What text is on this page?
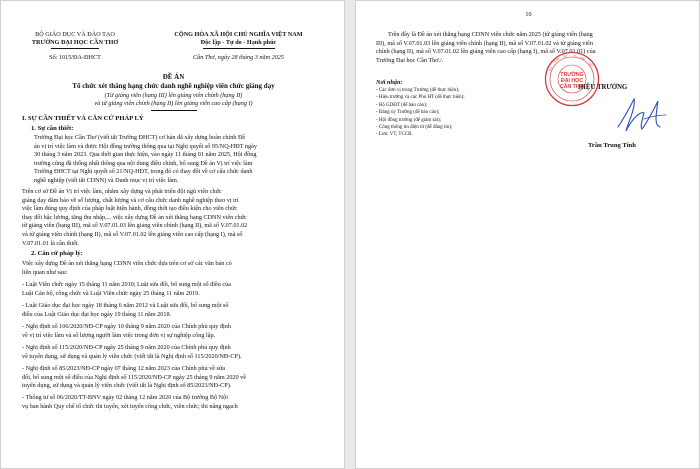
BỘ GIÁO DỤC VÀ ĐÀO TẠO
TRƯỜNG ĐẠI HỌC CẦN THƠ
Số: 1015/ĐA-ĐHCT
CỘNG HÒA XÃ HỘI CHỦ NGHĨA VIỆT NAM
Độc lập - Tự do - Hạnh phúc
Cần Thơ, ngày 28 tháng 3 năm 2025
ĐỀ ÁN
Tổ chức xét thăng hạng chức danh nghề nghiệp viên chức giảng dạy
(Từ giảng viên (hạng III) lên giảng viên chính (hạng II)
và từ giảng viên chính (hạng II) lên giảng viên cao cấp (hạng I)
I. SỰ CẦN THIẾT VÀ CĂN CỨ PHÁP LÝ
1. Sự cần thiết:
Trường Đại học Cần Thơ (viết tắt Trường ĐHCT) cơ bản đã xây dựng hoàn chỉnh Đề
án vị trí việc làm và được Hội đồng trường thông qua tại Nghị quyết số 95/NQ-HĐT ngày
30 tháng 3 năm 2023. Qua thời gian thực hiện, vào ngày 11 tháng 01 năm 2025, Hội đồng
trường cũng đã thống nhất thông qua nội dung điều chỉnh, bổ sung Đề án Vị trí việc làm
Trường ĐHCT tại Nghị quyết số 21/NQ-HĐT, trong đó có thay đổi về cơ cấu chức danh
nghề nghiệp (viết tắt CDNN) và Danh mục vị trí việc làm.
Trên cơ sở Đề án Vị trí việc làm, nhằm xây dựng và phát triển đội ngũ viên chức
giảng dạy đảm bảo về số lượng, chất lượng và cơ cấu chức danh nghề nghiệp theo vị trí
việc làm đúng quy định của pháp luật hiện hành, đồng thời tạo điều kiện cho viên chức
thay đổi bậc lương, tăng thu nhập,... việc xây dựng Đề án xét thăng hạng CDNN viên chức
từ giảng viên (hạng III), mã số V.07.01.03 lên giảng viên chính (hạng II), mã số V.07.01.02
và từ giảng viên chính (hạng II), mã số V.07.01.02 lên giảng viên cao cấp (hạng I), mã số
V.07.01.01 là cần thiết.
2. Căn cứ pháp lý:
Việc xây dựng Đề án xét thăng hạng CDNN viên chức dựa trên cơ sở các văn bản có
liên quan như sau:
- Luật Viên chức ngày 15 tháng 11 năm 2010; Luật sửa đổi, bổ sung một số điều của
Luật Cán bộ, công chức và Luật Viên chức ngày 25 tháng 11 năm 2019.
- Luật Giáo dục đại học ngày 18 tháng 6 năm 2012 và Luật sửa đổi, bổ sung một số
điều của Luật Giáo dục đại học ngày 19 tháng 11 năm 2018.
- Nghị định số 106/2020/NĐ-CP ngày 10 tháng 9 năm 2020 của Chính phủ quy định
về vị trí việc làm và số lượng người làm việc trong đơn vị sự nghiệp công lập.
- Nghị định số 115/2020/NĐ-CP ngày 25 tháng 9 năm 2020 của Chính phủ quy định
về tuyển dụng, sử dụng và quản lý viên chức (viết tắt là Nghị định số 115/2020/NĐ-CP).
- Nghị định số 85/2023/NĐ-CP ngày 07 tháng 12 năm 2023 của Chính phủ về sửa
đổi, bổ sung một số điều của Nghị định số 115/2020/NĐ-CP ngày 25 tháng 9 năm 2020 về
tuyển dụng, sử dụng và quản lý viên chức (viết tắt là Nghị định số 85/2023/NĐ-CP).
- Thông tư số 06/2020/TT-BNV ngày 02 tháng 12 năm 2020 của Bộ trưởng Bộ Nội
vụ ban hành Quy chế tổ chức thi tuyển, xét tuyển công chức, viên chức; thi nâng ngạch
10
Trên đây là Đề án xét thăng hạng CDNN viên chức năm 2025 (từ giảng viên (hạng
III), mã số V.07.01.03 lên giảng viên chính (hạng II), mã số V.07.01.02 và từ giảng viên
chính (hạng II), mã số V.07.01.02 lên giảng viên cao cấp (hạng I), mã số V.07.01.01) của
Trường Đại học Cần Thơ./.
Nơi nhận:
- Các đơn vị trong Trường (để thực hiện);
- Hiệu trưởng và các Phó HT (để thực hiện);
- Bộ GDĐT (để báo cáo);
- Đảng ủy Trường (để báo cáo);
- Hội đồng trường (để giám sát);
- Công thông tin điện tử (để đăng tin);
- Lưu: VT, TCCB.
HIỆU TRƯỞNG
TRƯỜNG
ĐẠI HỌC
CẦN THƠ
BỘ
GIÁO
DỤC VÀ ĐÀO
TẠO
Trần Trung Tính
